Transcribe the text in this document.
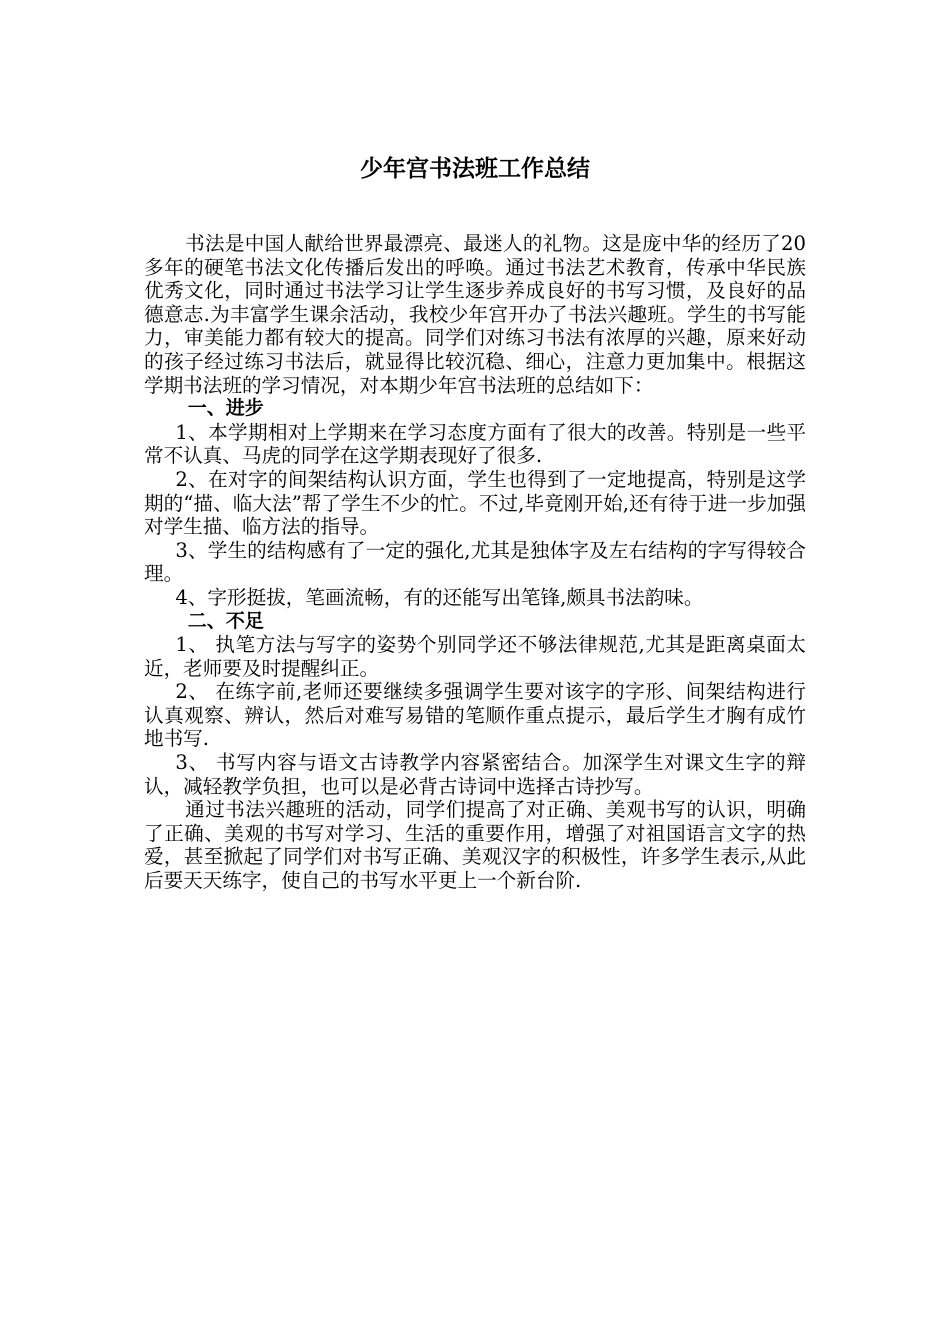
少年宫书法班工作总结

书法是中国人献给世界最漂亮、最迷人的礼物。这是庞中华的经历了20多年的硬笔书法文化传播后发出的呼唤。通过书法艺术教育，传承中华民族优秀文化，同时通过书法学习让学生逐步养成良好的书写习惯，及良好的品德意志.为丰富学生课余活动，我校少年宫开办了书法兴趣班。学生的书写能力，审美能力都有较大的提高。同学们对练习书法有浓厚的兴趣，原来好动的孩子经过练习书法后，就显得比较沉稳、细心，注意力更加集中。根据这学期书法班的学习情况，对本期少年宫书法班的总结如下：

一、进步

1、本学期相对上学期来在学习态度方面有了很大的改善。特别是一些平常不认真、马虎的同学在这学期表现好了很多.

2、在对字的间架结构认识方面，学生也得到了一定地提高，特别是这学期的“描、临大法”帮了学生不少的忙。不过,毕竟刚开始,还有待于进一步加强对学生描、临方法的指导。

3、学生的结构感有了一定的强化,尤其是独体字及左右结构的字写得较合理。

4、字形挺拔，笔画流畅，有的还能写出笔锋,颇具书法韵味。

二、不足

1、 执笔方法与写字的姿势个别同学还不够法律规范,尤其是距离桌面太近，老师要及时提醒纠正。

2、 在练字前,老师还要继续多强调学生要对该字的字形、间架结构进行认真观察、辨认，然后对难写易错的笔顺作重点提示，最后学生才胸有成竹地书写.

3、 书写内容与语文古诗教学内容紧密结合。加深学生对课文生字的辩认，减轻教学负担，也可以是必背古诗词中选择古诗抄写。

通过书法兴趣班的活动，同学们提高了对正确、美观书写的认识，明确了正确、美观的书写对学习、生活的重要作用，增强了对祖国语言文字的热爱，甚至掀起了同学们对书写正确、美观汉字的积极性，许多学生表示,从此后要天天练字，使自己的书写水平更上一个新台阶.
